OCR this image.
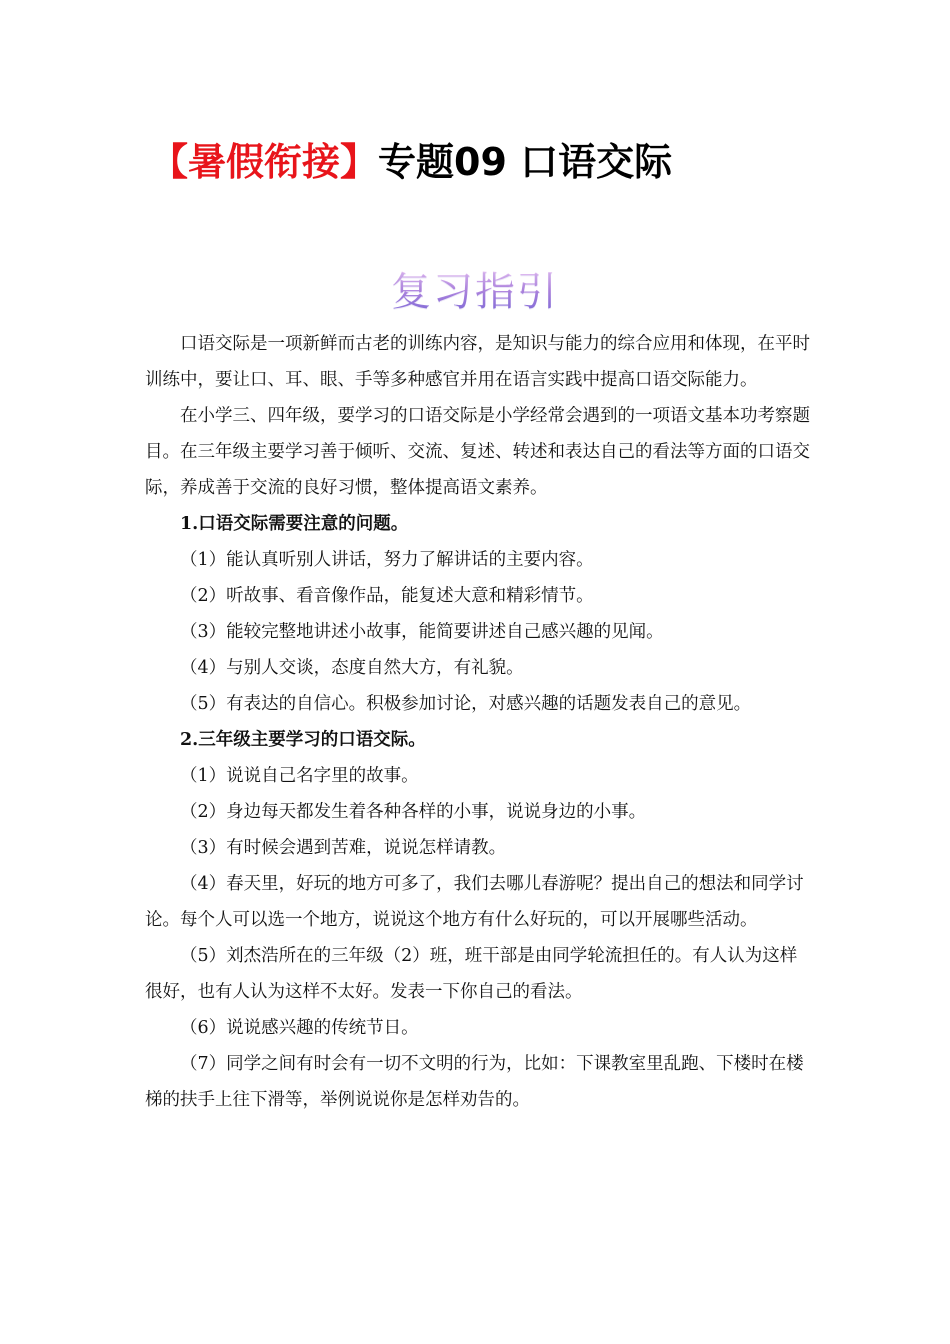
【暑假衔接】专题09 口语交际
复习指引

口语交际是一项新鲜而古老的训练内容，是知识与能力的综合应用和体现，在平时训练中，要让口、耳、眼、手等多种感官并用在语言实践中提高口语交际能力。

在小学三、四年级，要学习的口语交际是小学经常会遇到的一项语文基本功考察题目。在三年级主要学习善于倾听、交流、复述、转述和表达自己的看法等方面的口语交际，养成善于交流的良好习惯，整体提高语文素养。

1.口语交际需要注意的问题。

（1）能认真听别人讲话，努力了解讲话的主要内容。

（2）听故事、看音像作品，能复述大意和精彩情节。

（3）能较完整地讲述小故事，能简要讲述自己感兴趣的见闻。

（4）与别人交谈，态度自然大方，有礼貌。

（5）有表达的自信心。积极参加讨论，对感兴趣的话题发表自己的意见。

2.三年级主要学习的口语交际。

（1）说说自己名字里的故事。

（2）身边每天都发生着各种各样的小事，说说身边的小事。

（3）有时候会遇到苦难，说说怎样请教。

（4）春天里，好玩的地方可多了，我们去哪儿春游呢？提出自己的想法和同学讨论。每个人可以选一个地方，说说这个地方有什么好玩的，可以开展哪些活动。

（5）刘杰浩所在的三年级（2）班，班干部是由同学轮流担任的。有人认为这样很好，也有人认为这样不太好。发表一下你自己的看法。

（6）说说感兴趣的传统节日。

（7）同学之间有时会有一切不文明的行为，比如：下课教室里乱跑、下楼时在楼梯的扶手上往下滑等，举例说说你是怎样劝告的。
